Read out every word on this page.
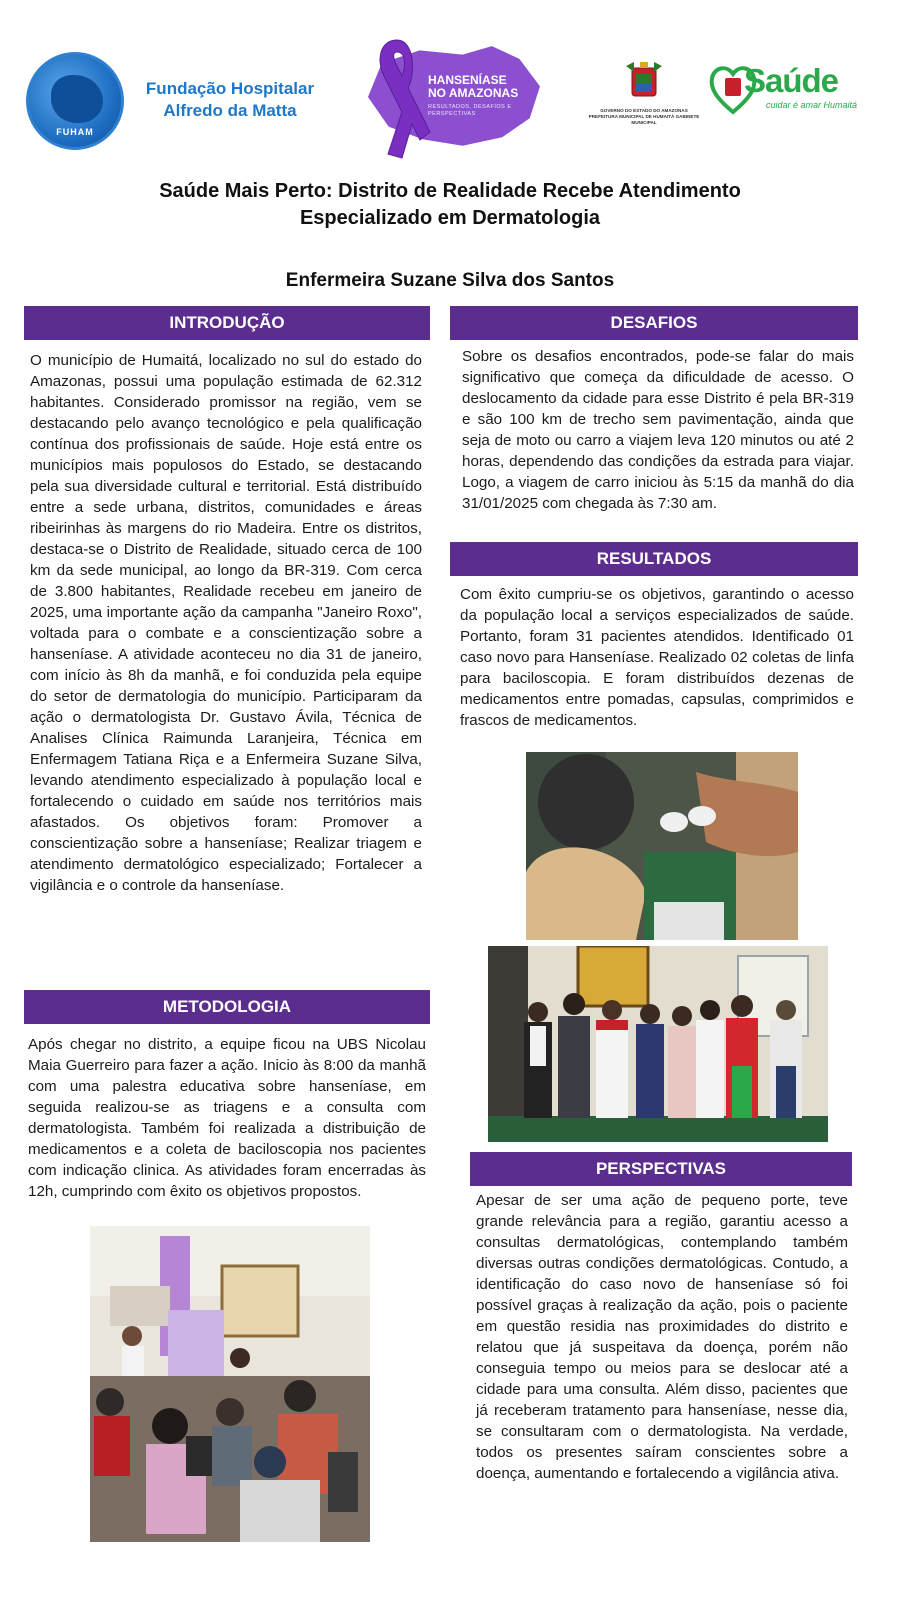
FUHAM
Fundação Hospitalar
Alfredo da Matta
HANSENÍASE
NO AMAZONAS
RESULTADOS, DESAFIOS E PERSPECTIVAS
GOVERNO DO ESTADO DO AMAZONAS PREFEITURA MUNICIPAL DE HUMAITÁ GABINETE MUNICIPAL
Saúde
cuidar é amar Humaitá
Saúde Mais Perto: Distrito de Realidade Recebe Atendimento
Especializado em Dermatologia
Enfermeira Suzane Silva dos Santos
INTRODUÇÃO
O município de Humaitá, localizado no sul do estado do Amazonas, possui uma população estimada de 62.312 habitantes. Considerado promissor na região, vem se destacando pelo avanço tecnológico e pela qualificação contínua dos profissionais de saúde. Hoje está entre os municípios mais populosos do Estado, se destacando pela sua diversidade cultural e territorial. Está distribuído entre a sede urbana, distritos, comunidades e áreas ribeirinhas às margens do rio Madeira. Entre os distritos, destaca-se o Distrito de Realidade, situado cerca de 100 km da sede municipal, ao longo da BR-319. Com cerca de 3.800 habitantes, Realidade recebeu em janeiro de 2025, uma importante ação da campanha "Janeiro Roxo", voltada para o combate e a conscientização sobre a hanseníase. A atividade aconteceu no dia 31 de janeiro, com início às 8h da manhã, e foi conduzida pela equipe do setor de dermatologia do município. Participaram da ação o dermatologista Dr. Gustavo Ávila, Técnica de Analises Clínica Raimunda Laranjeira, Técnica em Enfermagem Tatiana Riça e a Enfermeira Suzane Silva, levando atendimento especializado à população local e fortalecendo o cuidado em saúde nos territórios mais afastados. Os objetivos foram: Promover a conscientização sobre a hanseníase; Realizar triagem e atendimento dermatológico especializado; Fortalecer a vigilância e o controle da hanseníase.
METODOLOGIA
Após chegar no distrito, a equipe ficou na UBS Nicolau Maia Guerreiro para fazer a ação. Inicio às 8:00 da manhã com uma palestra educativa sobre hanseníase, em seguida realizou-se as triagens e a consulta com dermatologista. Também foi realizada a distribuição de medicamentos e a coleta de baciloscopia nos pacientes com indicação clinica. As atividades foram encerradas às 12h, cumprindo com êxito os objetivos propostos.
DESAFIOS
Sobre os desafios encontrados, pode-se falar do mais significativo que começa da dificuldade de acesso. O deslocamento da cidade para esse Distrito é pela BR-319 e são 100 km de trecho sem pavimentação, ainda que seja de moto ou carro a viajem leva 120 minutos ou até 2 horas, dependendo das condições da estrada para viajar. Logo, a viagem de carro iniciou às 5:15 da manhã do dia 31/01/2025 com chegada às 7:30 am.
RESULTADOS
Com êxito cumpriu-se os objetivos, garantindo o acesso da população local a serviços especializados de saúde. Portanto, foram 31 pacientes atendidos. Identificado 01 caso novo para Hanseníase. Realizado 02 coletas de linfa para baciloscopia. E foram distribuídos dezenas de medicamentos entre pomadas, capsulas, comprimidos e frascos de medicamentos.
PERSPECTIVAS
Apesar de ser uma ação de pequeno porte, teve grande relevância para a região, garantiu acesso a consultas dermatológicas, contemplando também diversas outras condições dermatológicas. Contudo, a identificação do caso novo de hanseníase só foi possível graças à realização da ação, pois o paciente em questão residia nas proximidades do distrito e relatou que já suspeitava da doença, porém não conseguia tempo ou meios para se deslocar até a cidade para uma consulta. Além disso, pacientes que já receberam tratamento para hanseníase, nesse dia, se consultaram com o dermatologista. Na verdade, todos os presentes saíram conscientes sobre a doença, aumentando e fortalecendo a vigilância ativa.
